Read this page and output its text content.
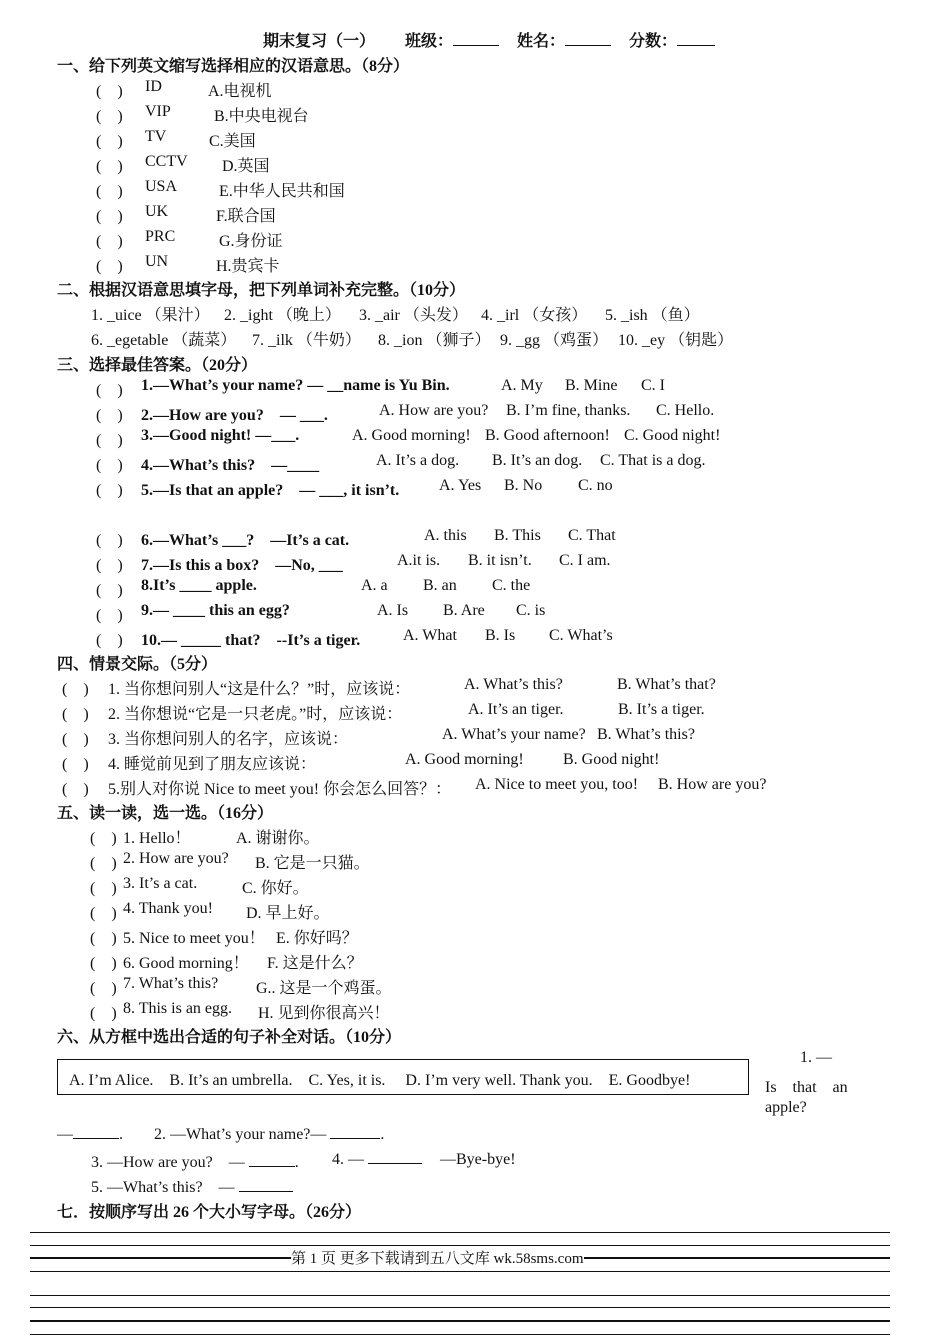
期末复习（一） 班级：	姓名：	分数：
一、给下列英文缩写选择相应的汉语意思。（8分）
(　) ID	A.电视机
(　) VIP	B.中央电视台
(　) TV	C.美国
(　) CCTV D.英国
(　) USA	E.中华人民共和国
(　) UK	F.联合国
(　) PRC	G.身份证
(　) UN	H.贵宾卡
二、根据汉语意思填字母，把下列单词补充完整。（10分）
1. _uice （果汁） 2. _ight （晚上） 3. _air （头发） 4. _irl （女孩） 5. _ish （鱼）
6. _egetable （蔬菜） 7. _ilk （牛奶） 8. _ion （狮子） 9. _gg （鸡蛋） 10. _ey （钥匙）
三、选择最佳答案。（20分）
(　) 1.—What’s your name? — __name is Yu Bin.	A. My B. Mine C. I
(　) 2.—How are you?　— ___.	A. How are you? B. I’m fine, thanks. C. Hello.
(　) 3.—Good night! —___.	A. Good morning! B. Good afternoon! C. Good night!
(　) 4.—What’s this?　—____	A. It’s a dog. B. It’s an dog. C. That is a dog.
(　) 5.—Is that an apple?　— ___, it isn’t. A. Yes B. No C. no
(　) 6.—What’s ___?　—It’s a cat.	A. this B. This C. That
(　) 7.—Is this a box?　—No, ___	A.it is. B. it isn’t. C. I am.
(　) 8.It’s ____ apple.	A. a B. an C. the
(　) 9.— ____ this an egg?	A. Is B. Are C. is
(　) 10.— _____ that?　--It’s a tiger.	A. What B. Is C. What’s
四、情景交际。（5分）
(　) 1. 当你想问别人“这是什么？”时，应该说：	A. What’s this?	B. What’s that?
(　) 2. 当你想说“它是一只老虎。”时，应该说：	A. It’s an tiger.	B. It’s a tiger.
(　) 3. 当你想问别人的名字，应该说：	A. What’s your name? B. What’s this?
(　) 4. 睡觉前见到了朋友应该说：	A. Good morning! B. Good night!
(　) 5.别人对你说 Nice to meet you! 你会怎么回答？： A. Nice to meet you, too! B. How are you?
五、读一读，选一选。（16分）
(　) 1. Hello！	A. 谢谢你。
(　) 2. How are you? B. 它是一只猫。
(　) 3. It’s a cat.	C. 你好。
(　) 4. Thank you! D. 早上好。
(　) 5. Nice to meet you！ E. 你好吗？
(　) 6. Good morning！ F. 这是什么？
(　) 7. What’s this? G.. 这是一个鸡蛋。
(　) 8. This is an egg. H. 见到你很高兴！
六、从方框中选出合适的句子补全对话。（10分）
A. I’m Alice.　B. It’s an umbrella.　C. Yes, it is.　 D. I’m very well. Thank you.　E. Goodbye!
1. —
Is　that　an
apple?
—	. 2. —What’s your name?—	.
3. —How are you?　—	. 4. —	—Bye-bye!
5. —What’s this?　—
七．按顺序写出 26 个大小写字母。（26分）
第 1 页 更多下载请到五八文库 wk.58sms.com
